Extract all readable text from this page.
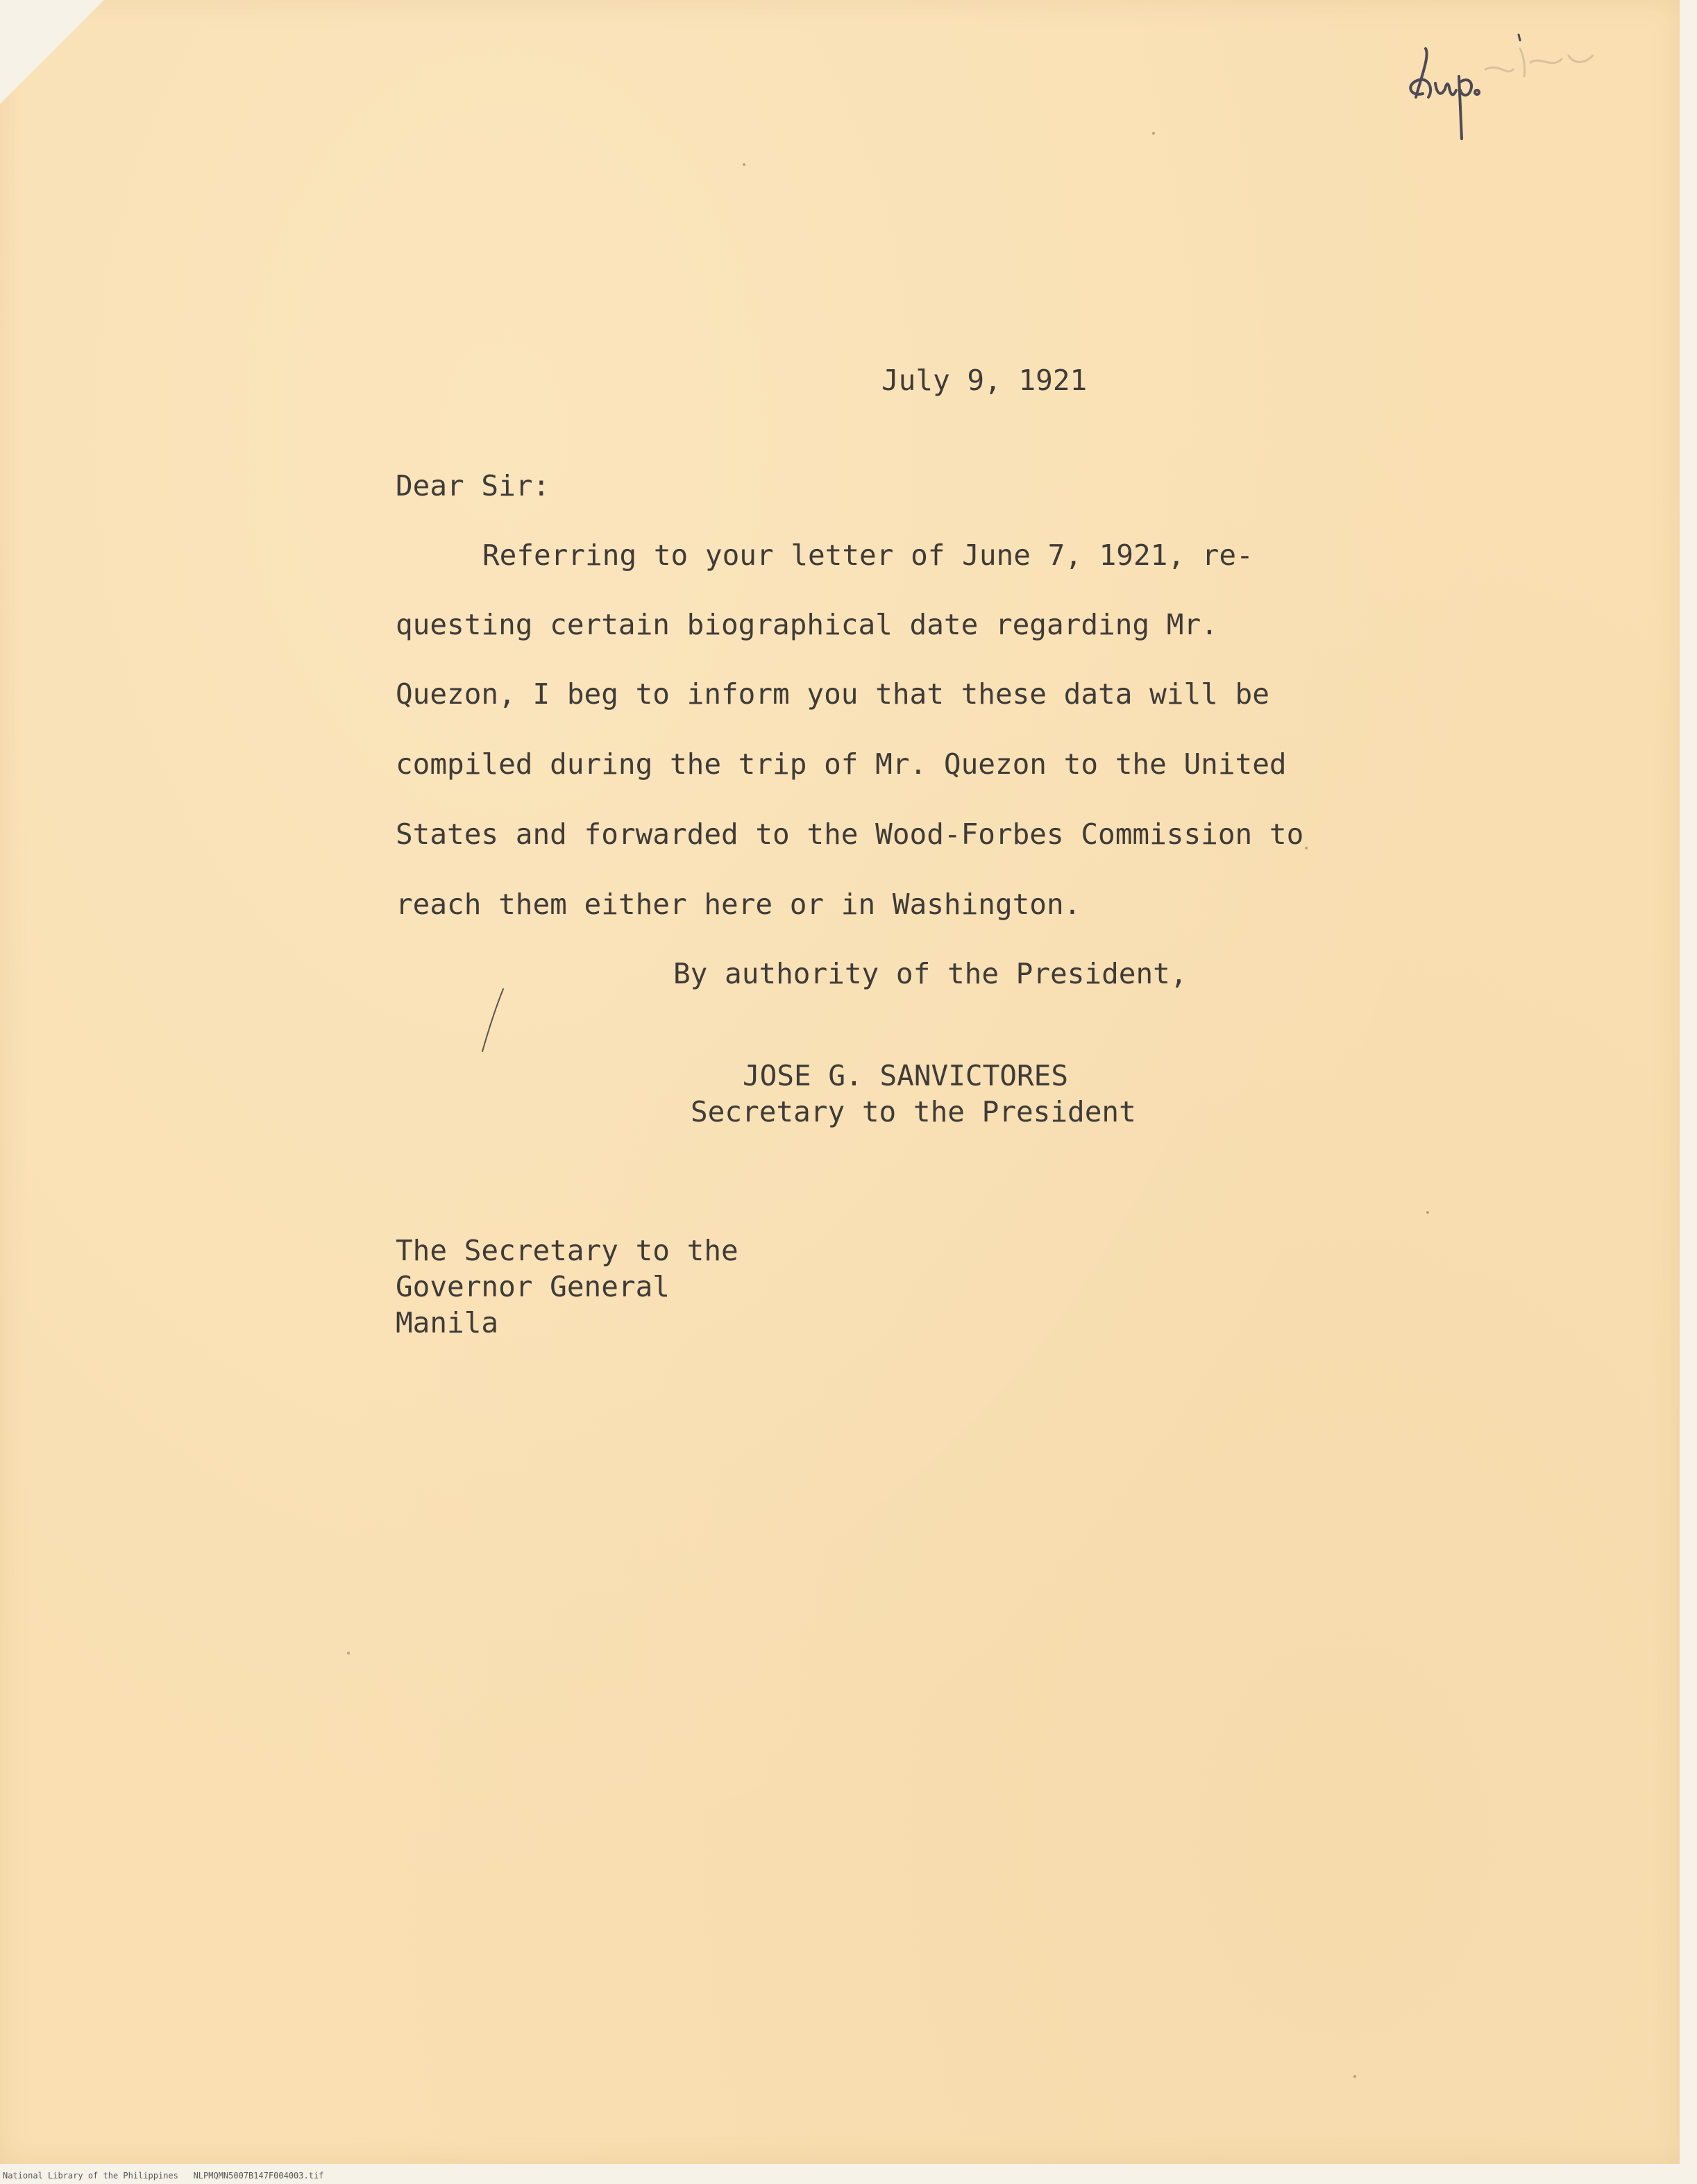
July 9, 1921
Dear Sir:
Referring to your letter of June 7, 1921, re-
questing certain biographical date regarding Mr.
Quezon, I beg to inform you that these data will be
compiled during the trip of Mr. Quezon to the United
States and forwarded to the Wood-Forbes Commission to
reach them either here or in Washington.
By authority of the President,
JOSE G. SANVICTORES
Secretary to the President
The Secretary to the
Governor General
Manila
National Library of the Philippines NLPMQMN5007B147F004003.tif
